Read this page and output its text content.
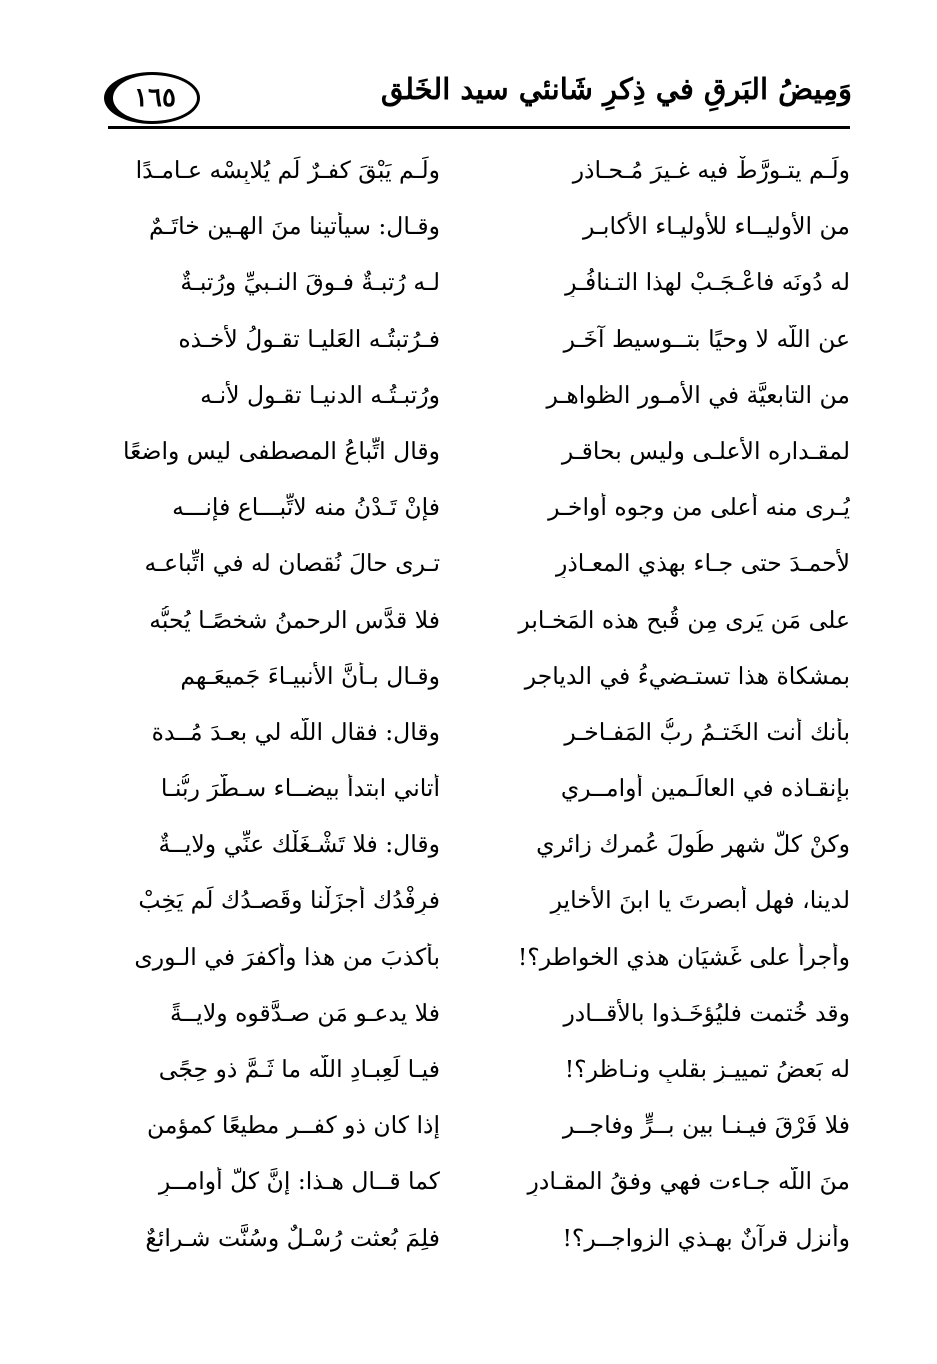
وَمِيضُ البَرقِ في ذِكرِ شَانئي سيد الخَلق
١٦٥
ولَـم يَبْقَ كفـرٌ لَم يُلابِسْه عـامـدًا	ولَـم يتـورَّطْ فيه غـيرَ مُـحـاذرِ
وقـال: سيأتينا منَ الهـين خاتَـمٌ	من الأوليــاء للأوليـاء الأكابـرِ
لـه رُتبـةٌ فـوقَ النـبيِّ ورُتبـةٌ	له دُونَه فاعْـجَـبْ لهذا التـنافُـرِ
فـرُتبتُـه العَليـا تقـولُ لأخـذه	عن اللَّه لا وحيًا بتــوسيط آخَـرِ
ورُتبـتُـه الدنيـا تقـول لأنـه	من التابعيَّة في الأمـور الظواهـرِ
وقال اتِّباعُ المصطفى ليس واضعًا	لمقـداره الأعلـى وليس بحاقـرِ
فإنْ تَـدْنُ منه لاتِّبـــاعٍ فإنـــه	يُـرى منه أعلى من وجوه أواخـرِ
تـرى حالَ نُقصان له في اتِّباعـه	لأحمـدَ حتى جـاء بهذي المعـاذرِ
فلا قدَّس الرحمنُ شخصًـا يُحبُّه	على مَن يَرى مِن قُبحِ هذه المَخـابرِ
وقـال بـأنَّ الأنبيـاءَ جَميعَـهم	بمشكاة هذا تستـضيءُ في الدياجرِ
وقال: فقال اللَّه لي بعـدَ مُــدة	بأنك أنت الخَتـمُ ربُّ المَفـاخـرِ
أتاني ابتدأ بيضــاء سـطَّرَ ربُّنـا	بإنقـاذه في العالَـمين أوامــري
وقال: فلا تَشْـغَلْك عنِّي ولايــةٌ	وكنْ كلَّ شهرٍ طُولَ عُمرك زائري
فرِفْدُك أجزَلْنا وقَصـدُك لَم يَخِبْ	لدينا، فهل أبصرتَ يا ابنَ الأخايرِ
بأكذبَ من هذا وأكفرَ في الـورى	وأجرأ على غَشيَان هذي الخواطرِ؟!
فلا يدعـو مَن صـدَّقوه ولايــةً	وقد خُتمت فليُؤخَـذوا بالأقــادرِ
فيـا لَعِبـادِ اللَّه ما ثَـمَّ ذو حِجًى	له بَعضُ تمييـزٍ بقلبٍ ونـاظرِ؟!
إذا كان ذو كفــرٍ مطيعًا كمؤمنٍ	فلا فَرْقَ فيـنـا بين بــرٍّ وفاجــرِ
كما قــال هـذا: إنَّ كلَّ أوامــرِ	منَ اللَّه جـاءت فهي وفقُ المقـادرِ
فلِمَ بُعثت رُسْـلٌ وسُنَّت شـرائعٌ	وأُنزل قرآنٌ بهـذي الزواجــرِ؟!
